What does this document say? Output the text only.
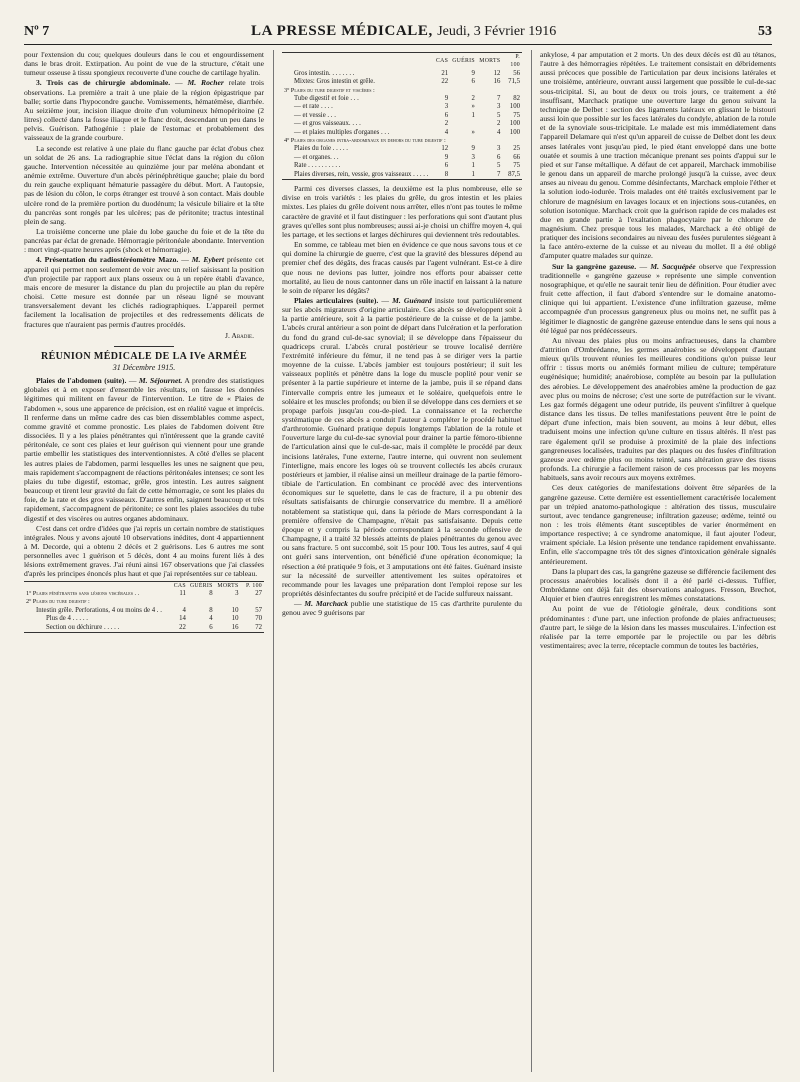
Nº 7	LA PRESSE MÉDICALE, Jeudi, 3 Février 1916	53

pour l'extension du cou; quelques douleurs dans le cou et engourdissement dans le bras droit. Extirpation. Au point de vue de la structure, c'était une tumeur osseuse à tissu spongieux recouverte d'une couche de cartilage hyalin.

3. Trois cas de chirurgie abdominale. — M. Rocher relate trois observations. La première a trait à une plaie de la région épigastrique par balle; sortie dans l'hypocondre gauche. Vomissements, hématémèse, diarrhée. Au seizième jour, incision iliaque droite d'un volumineux hémopéritoine (2 litres) collecté dans la fosse iliaque et le flanc droit, descendant un peu dans le pelvis. Guérison. Pathogénie : plaie de l'estomac et probablement des vaisseaux de la grande courbure.

La seconde est relative à une plaie du flanc gauche par éclat d'obus chez un soldat de 26 ans. La radiographie situe l'éclat dans la région du côlon gauche. Intervention nécessitée au quinzième jour par meléna abondant et anémie extrême. Ouverture d'un abcès périnéphrétique gauche; plaie du bord du rein gauche expliquant hématurie passagère du début. Mort. A l'autopsie, pas de lésion du côlon, le corps étranger est trouvé à son contact. Mais double ulcère rond de la première portion du duodénum; la vésicule biliaire et la tête du pancréas sont rongés par les ulcères; pas de péritonite; tractus intestinal plein de sang.

La troisième concerne une plaie du lobe gauche du foie et de la tête du pancréas par éclat de grenade. Hémorragie péritonéale abondante. Intervention : mort vingt-quatre heures après (shock et hémorragie).

4. Présentation du radiostéréomètre Mazo. — M. Eybert présente cet appareil qui permet non seulement de voir avec un relief saisissant la position d'un projectile par rapport aux plans osseux ou à un repère établi d'avance, mais encore de mesurer la distance du plan du projectile au plan du repère choisi. Cette mesure est donnée par un réseau ligné se mouvant transversalement devant les clichés radiographiques. L'appareil permet facilement la localisation de projectiles et des redressements délicats de fractures que n'auraient pas permis d'autres procédés.

J. Abadie.
RÉUNION MÉDICALE DE LA IVe ARMÉE
31 Décembre 1915.

Plaies de l'abdomen (suite). — M. Séjournet. A prendre des statistiques globales et à en exposer d'ensemble les résultats, on fausse les données légitimes qui militent en faveur de l'intervention. Le titre de « Plaies de l'abdomen », sous une apparence de précision, est en réalité vague et imprécis. Il renferme dans un même cadre des cas bien dissemblables comme aspect, comme gravité et comme pronostic. Les plaies de l'abdomen doivent être dissociées. Il y a les plaies pénétrantes qui n'intéressent que la grande cavité péritonéale, ce sont ces plaies et leur guérison qui viennent pour une grande partie embellir les statistiques des interventionnistes. A côté d'elles se placent les autres plaies de l'abdomen, parmi lesquelles les unes ne saignent que peu, mais rapidement s'accompagnent de réactions péritonéales intenses; ce sont les plaies du tube digestif, estomac, grêle, gros intestin. Les autres saignent beaucoup et tirent leur gravité du fait de cette hémorragie, ce sont les plaies du foie, de la rate et des gros vaisseaux. D'autres enfin, saignent beaucoup et très rapidement, s'accompagnent de péritonite; ce sont les plaies associées du tube digestif et des viscères ou autres organes abdominaux.

C'est dans cet ordre d'idées que j'ai repris un certain nombre de statistiques intégrales. Nous y avons ajouté 10 observations inédites, dont 4 appartiennent à M. Decorde, qui a obtenu 2 décès et 2 guérisons. Les 6 autres me sont personnelles avec 1 guérison et 5 décès, dont 4 au moins furent liés à des lésions extrêmement graves. J'ai réuni ainsi 167 observations que j'ai classées d'après les principes énoncés plus haut et que j'ai représentées sur ce tableau.

	CAS	GUÉRIS	MORTS	P. 100
1º Plaies pénétrantes sans lésions viscérales . .	11	8	3	27
2º Plaies du tube digestif :				
Intestin grêle. Perforations, 4 ou moins de 4 . .	4	8	10	57
Plus de 4 . . . . .	14	4	10	70
Section ou déchirure . . . . .	22	6	16	72
	CAS	GUÉRIS	MORTS	P. 100
Gros intestin. . . . . . . .	21	9	12	56
Mixtes: Gros intestin et grêle.	22	6	16	71,5
3º Plaies du tube digestif et viscères :				
Tube digestif et foie . . .	9	2	7	82
— et rate . . . .	3	»	3	100
— et vessie . . .	6	1	5	75
— et gros vaisseaux. . . .	2		2	100
— et plaies multiples d'organes . . .	4	»	4	100
4º Plaies des organes intra-abdominaux en dehors du tube digestif :				
Plaies du foie . . . . .	12	9	3	25
— et organes. . .	9	3	6	66
Rate . . . . . . . . . .	6	1	5	75
Plaies diverses, rein, vessie, gros vaisseaux . . . . .	8	1	7	87,5

Parmi ces diverses classes, la deuxième est la plus nombreuse, elle se divise en trois variétés : les plaies du grêle, du gros intestin et les plaies mixtes. Les plaies du grêle doivent nous arrêter, elles n'ont pas toutes le même caractère de gravité et il faut distinguer : les perforations qui sont d'autant plus graves qu'elles sont plus nombreuses; aussi ai-je choisi un chiffre moyen 4, qui les partage, et les sections et larges déchirures qui deviennent très redoutables.

En somme, ce tableau met bien en évidence ce que nous savons tous et ce qui domine la chirurgie de guerre, c'est que la gravité des blessures dépend au premier chef des dégâts, des fracas causés par l'agent vulnérant. Est-ce à dire que nous ne devions pas lutter, joindre nos efforts pour abaisser cette mortalité, au lieu de nous cantonner dans un rôle inactif en laissant à la nature le soin de réparer les dégâts?

Plaies articulaires (suite). — M. Guénard insiste tout particulièrement sur les abcès migrateurs d'origine articulaire. Ces abcès se développent soit à la partie antérieure, soit à la partie postérieure de la cuisse et de la jambe. L'abcès crural antérieur a son point de départ dans l'ulcération et la perforation du fond du grand cul-de-sac synovial; il se développe dans l'épaisseur du quadriceps crural. L'abcès crural postérieur se trouve localisé derrière l'extrémité inférieure du fémur, il ne tend pas à se diriger vers la partie moyenne de la cuisse. L'abcès jambier est toujours postérieur; il suit les vaisseaux poplités et pénètre dans la loge du muscle poplité pour venir se présenter à la partie supérieure et interne de la jambe, puis il se répand dans l'intervalle compris entre les jumeaux et le soléaire, quelquefois entre le soléaire et les muscles profonds; ou bien il se développe dans ces derniers et se propage parfois jusqu'au cou-de-pied. La connaissance et la recherche systématique de ces abcès a conduit l'auteur à compléter le procédé habituel d'arthrotomie. Guénard pratique depuis longtemps l'ablation de la rotule et l'ouverture large du cul-de-sac synovial pour drainer la partie fémoro-tibienne de l'articulation ainsi que le cul-de-sac, mais il complète le procédé par deux incisions latérales, l'une externe, l'autre interne, qui ouvrent non seulement l'interligne, mais encore les loges où se trouvent collectés les abcès cruraux postérieurs et jambier, il réalise ainsi un meilleur drainage de la partie fémoro-tibiale de l'articulation. En combinant ce procédé avec des interventions économiques sur le squelette, dans le cas de fracture, il a pu obtenir des résultats satisfaisants de chirurgie conservatrice du membre. Il a amélioré notablement sa statistique qui, dans la période de Mars correspondant à la première offensive de Champagne, n'était pas satisfaisante. Depuis cette époque et y compris la période correspondant à la seconde offensive de Champagne, il a traité 32 blessés atteints de plaies pénétrantes du genou avec ou sans fracture. 5 ont succombé, soit 15 pour 100. Tous les autres, sauf 4 qui ont guéri sans intervention, ont bénéficié d'une opération économique; la résection a été pratiquée 9 fois, et 3 amputations ont été faites. Guénard insiste sur la nécessité de surveiller attentivement les suites opératoires et recommande pour les lavages une préparation dont l'emploi repose sur les propriétés désinfectantes du soufre précipité et de l'acide sulfureux naissant.

— M. Marchack publie une statistique de 15 cas d'arthrite purulente du genou avec 9 guérisons par

ankylose, 4 par amputation et 2 morts. Un des deux décès est dû au tétanos, l'autre à des hémorragies répétées. Le traitement consistait en débridements aussi précoces que possible de l'articulation par deux incisions latérales et une troisième, antérieure, ouvrant aussi largement que possible le cul-de-sac sous-tricipital. Si, au bout de deux ou trois jours, ce traitement a été insuffisant, Marchack pratique une ouverture large du genou suivant la technique de Delbet : section des ligaments latéraux en glissant le bistouri aussi loin que possible sur les faces latérales du condyle, ablation de la rotule et de la synoviale sous-tricipitale. Le malade est mis immédiatement dans l'appareil Delamare qui n'est qu'un appareil de cuisse de Delbet dont les deux anses latérales vont jusqu'au pied, le pied étant enveloppé dans une botte ouatée et soumis à une traction mécanique prenant ses points d'appui sur le pied et sur l'anse métallique. A défaut de cet appareil, Marchack immobilise le genou dans un appareil de marche prolongé jusqu'à la cuisse, avec deux anses au niveau du genou. Comme désinfectants, Marchack emploie l'éther et la solution iodo-iodurée. Trois malades ont été traités exclusivement par le chlorure de magnésium en lavages locaux et en injections sous-cutanées, en solution isotonique. Marchack croit que la guérison rapide de ces malades est due en grande partie à l'exaltation phagocytaire par le chlorure de magnésium. Chez presque tous les malades, Marchack a été obligé de pratiquer des incisions secondaires au niveau des fusées purulentes siégeant à la face antéro-externe de la cuisse et au niveau du mollet. Il a été obligé d'amputer quatre malades sur quinze.

Sur la gangrène gazeuse. — M. Sacquépée observe que l'expression traditionnelle « gangrène gazeuse » représente une simple convention nosographique, et qu'elle ne saurait tenir lieu de définition. Pour étudier avec fruit cette affection, il faut d'abord s'entendre sur le domaine anatomo-clinique qui lui appartient. L'existence d'une infiltration gazeuse, même accompagnée d'un processus gangreneux plus ou moins net, ne suffit pas à légitimer le diagnostic de gangrène gazeuse entendue dans le sens qui nous a été légué par nos prédécesseurs.

Au niveau des plaies plus ou moins anfractueuses, dans la chambre d'attrition d'Ombrédanne, les germes anaérobies se développent d'autant mieux qu'ils trouvent réunies les meilleures conditions qu'on puisse leur offrir : tissus morts ou anémiés formant milieu de culture; température eugénésique; humidité; anaérobiose, complète au besoin par la pullulation des aérobies. Le développement des anaérobies amène la production de gaz avec plus ou moins de nécrose; c'est une sorte de putréfaction sur le vivant. Les gaz formés dégagent une odeur putride, ils peuvent s'infiltrer à quelque distance dans les tissus. De telles manifestations peuvent être le point de départ d'une infection, mais bien souvent, au moins à leur début, elles traduisent moins une infection qu'une culture en tissus altérés. Il n'est pas rare également qu'il se produise à proximité de la plaie des infections gangreneuses localisées, traduites par des plaques ou des fusées d'infiltration gazeuse avec œdème plus ou moins teinté, sans altération grave des tissus profonds. La chirurgie a facilement raison de ces processus par les moyens habituels, sans avoir recours aux moyens extrêmes.

Ces deux catégories de manifestations doivent être séparées de la gangrène gazeuse. Cette dernière est essentiellement caractérisée localement par un trépied anatomo-pathologique : altération des tissus, musculaire surtout, avec tendance gangreneuse; infiltration gazeuse; œdème, teinté ou non : les trois éléments étant susceptibles de varier énormément en importance respective; à ce syndrome anatomique, il faut ajouter l'odeur, vraiment spéciale. La lésion présente une tendance rapidement envahissante. Enfin, elle s'accompagne très tôt des signes d'intoxication générale signalés antérieurement.

Dans la plupart des cas, la gangrène gazeuse se différencie facilement des processus anaérobies localisés dont il a été parlé ci-dessus. Tuffier, Ombrédanne ont déjà fait des observations analogues. Fresson, Brechot, Alquier et bien d'autres enregistrent les mêmes constatations.

Au point de vue de l'étiologie générale, deux conditions sont prédominantes : d'une part, une infection profonde de plaies anfractueuses; d'autre part, le siège de la lésion dans les masses musculaires. L'infection est réalisée par la terre emportée par le projectile ou par les débris vestimentaires; avec la terre, réceptacle commun de toutes les bactéries,
